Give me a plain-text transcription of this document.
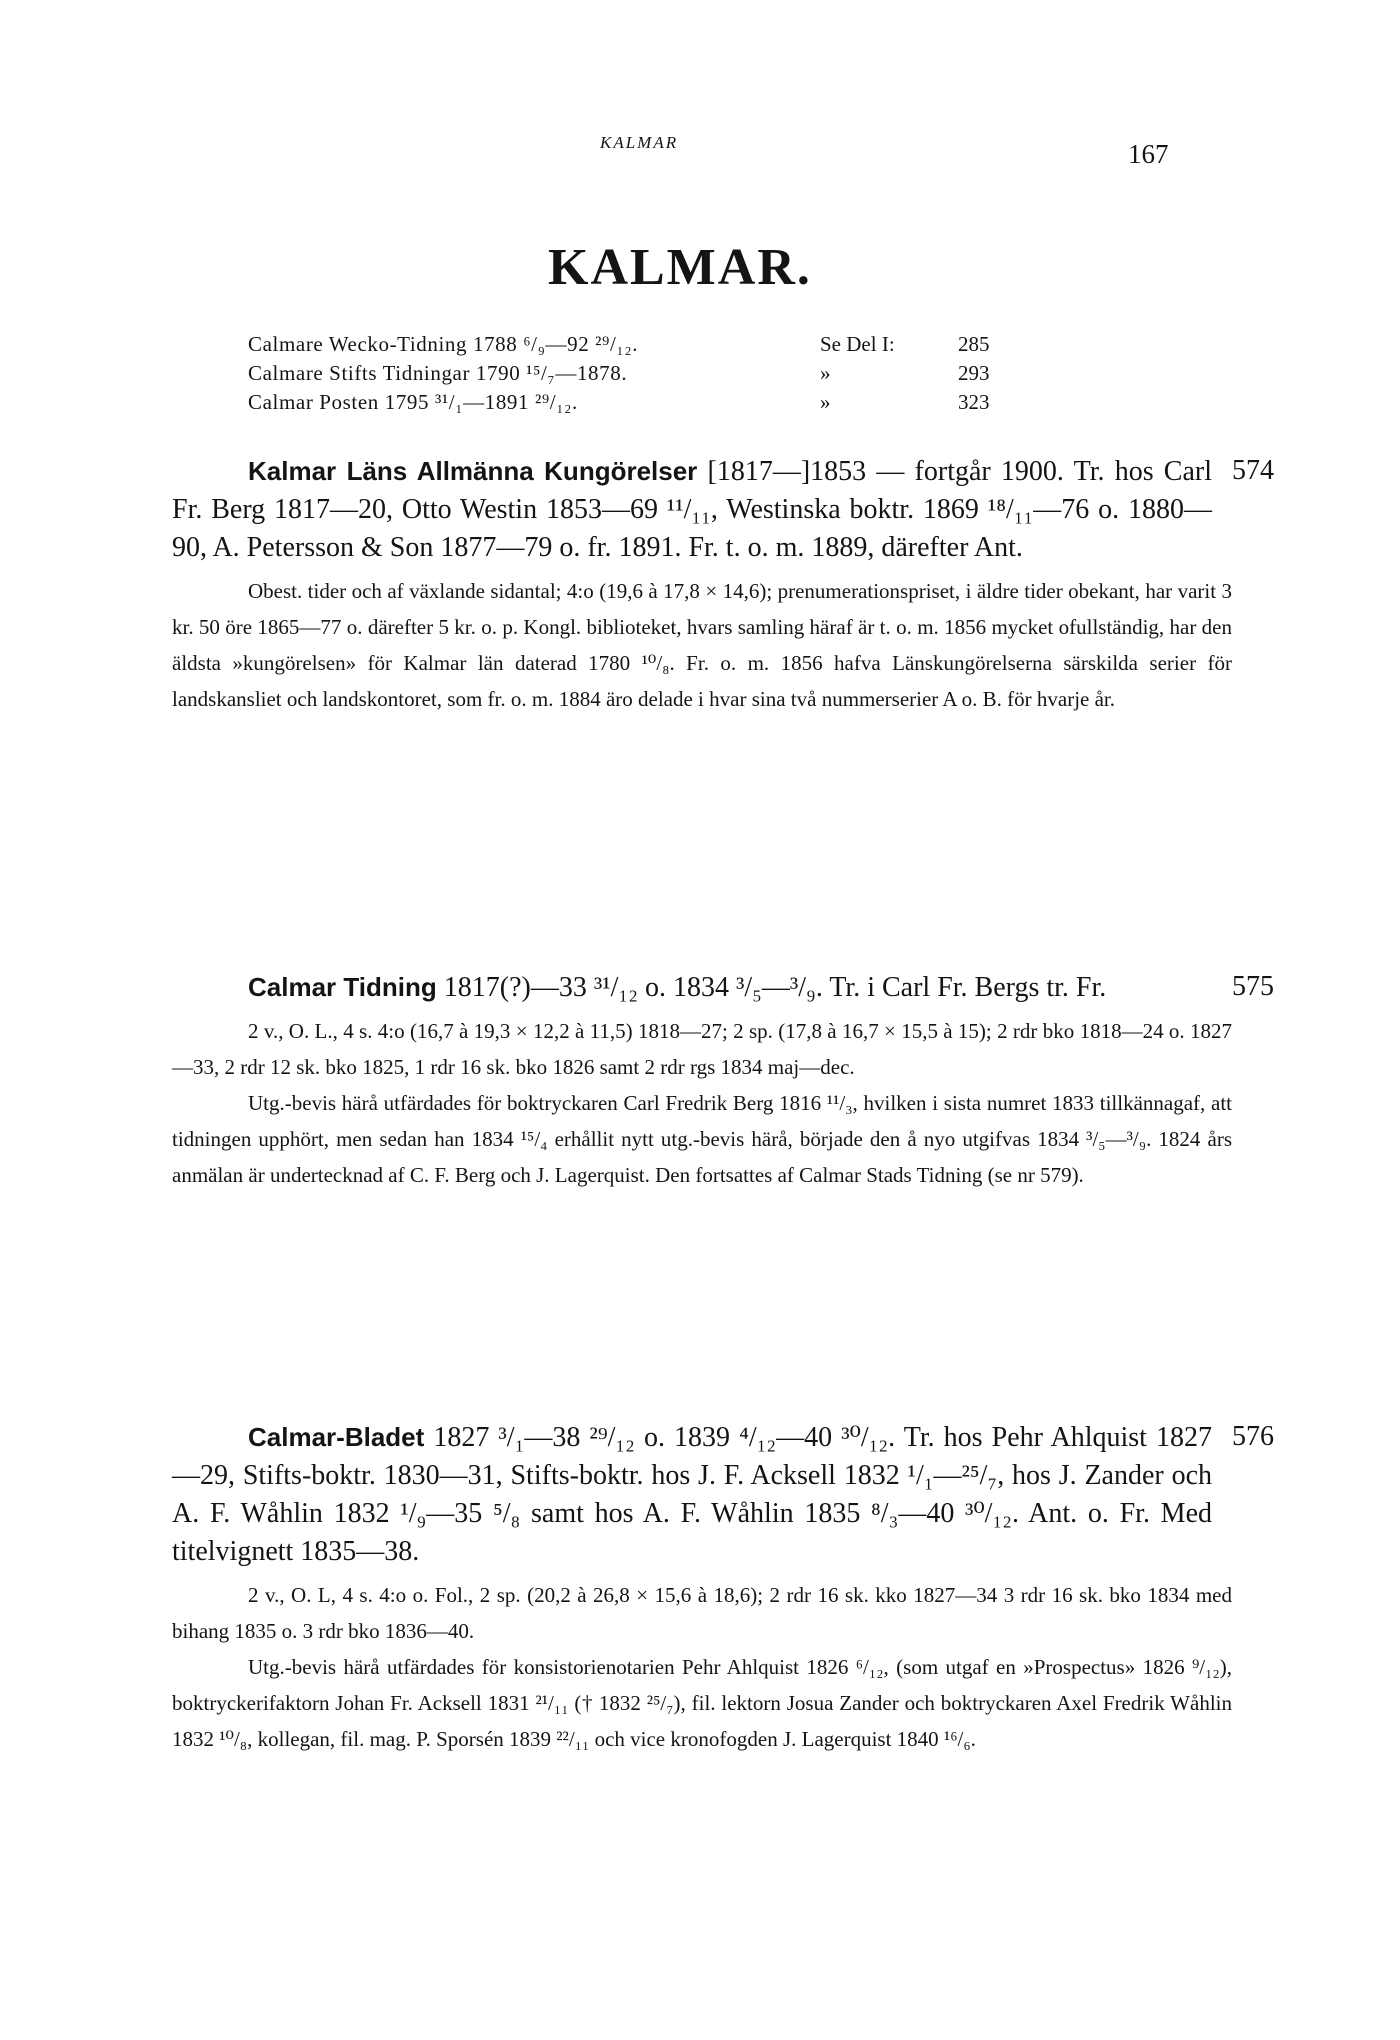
KALMAR	167
KALMAR.
Calmare Wecko-Tidning 1788 ⁶/₉—92 ²⁹/₁₂.	Se Del I:	285
Calmare Stifts Tidningar 1790 ¹⁵/₇—1878.	»	293
Calmar Posten 1795 ³¹/₁—1891 ²⁹/₁₂.	»	323
574

Kalmar Läns Allmänna Kungörelser [1817—]1853 — fortgår 1900. Tr. hos Carl Fr. Berg 1817—20, Otto Westin 1853—69 ¹¹/₁₁, Westinska boktr. 1869 ¹⁸/₁₁—76 o. 1880—90, A. Petersson & Son 1877—79 o. fr. 1891. Fr. t. o. m. 1889, därefter Ant.

Obest. tider och af växlande sidantal; 4:o (19,6 à 17,8 × 14,6); prenumerationspriset, i äldre tider obekant, har varit 3 kr. 50 öre 1865—77 o. därefter 5 kr. o. p. Kongl. biblioteket, hvars samling häraf är t. o. m. 1856 mycket ofullständig, har den äldsta »kungörelsen» för Kalmar län daterad 1780 ¹⁰/₈. Fr. o. m. 1856 hafva Länskungörelserna särskilda serier för landskansliet och landskontoret, som fr. o. m. 1884 äro delade i hvar sina två nummerserier A o. B. för hvarje år.

575

Calmar Tidning 1817(?)—33 ³¹/₁₂ o. 1834 ³/₅—³/₉. Tr. i Carl Fr. Bergs tr. Fr.

2 v., O. L., 4 s. 4:o (16,7 à 19,3 × 12,2 à 11,5) 1818—27; 2 sp. (17,8 à 16,7 × 15,5 à 15); 2 rdr bko 1818—24 o. 1827—33, 2 rdr 12 sk. bko 1825, 1 rdr 16 sk. bko 1826 samt 2 rdr rgs 1834 maj—dec.

Utg.-bevis härå utfärdades för boktryckaren Carl Fredrik Berg 1816 ¹¹/₃, hvilken i sista numret 1833 tillkännagaf, att tidningen upphört, men sedan han 1834 ¹⁵/₄ erhållit nytt utg.-bevis härå, började den å nyo utgifvas 1834 ³/₅—³/₉. 1824 års anmälan är undertecknad af C. F. Berg och J. Lagerquist. Den fortsattes af Calmar Stads Tidning (se nr 579).

576

Calmar-Bladet 1827 ³/₁—38 ²⁹/₁₂ o. 1839 ⁴/₁₂—40 ³⁰/₁₂. Tr. hos Pehr Ahlquist 1827—29, Stifts-boktr. 1830—31, Stifts-boktr. hos J. F. Acksell 1832 ¹/₁—²⁵/₇, hos J. Zander och A. F. Wåhlin 1832 ¹/₉—35 ⁵/₈ samt hos A. F. Wåhlin 1835 ⁸/₃—40 ³⁰/₁₂. Ant. o. Fr. Med titelvignett 1835—38.

2 v., O. L, 4 s. 4:o o. Fol., 2 sp. (20,2 à 26,8 × 15,6 à 18,6); 2 rdr 16 sk. kko 1827—34 3 rdr 16 sk. bko 1834 med bihang 1835 o. 3 rdr bko 1836—40.

Utg.-bevis härå utfärdades för konsistorienotarien Pehr Ahlquist 1826 ⁶/₁₂, (som utgaf en »Prospectus» 1826 ⁹/₁₂), boktryckerifaktorn Johan Fr. Acksell 1831 ²¹/₁₁ († 1832 ²⁵/₇), fil. lektorn Josua Zander och boktryckaren Axel Fredrik Wåhlin 1832 ¹⁰/₈, kollegan, fil. mag. P. Sporsén 1839 ²²/₁₁ och vice kronofogden J. Lagerquist 1840 ¹⁶/₆.
